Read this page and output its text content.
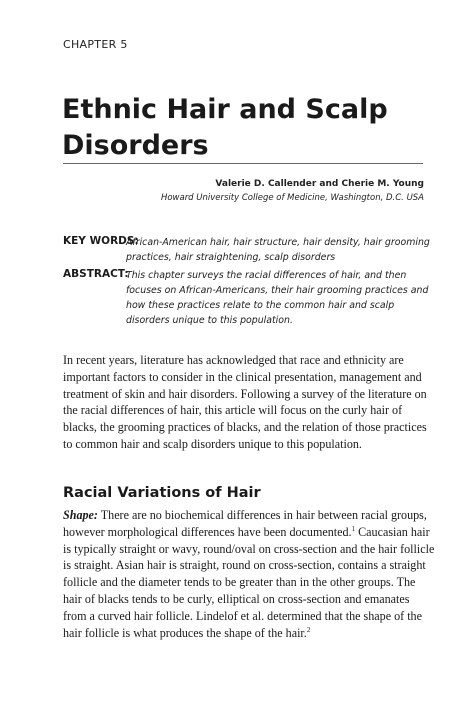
CHAPTER 5
Ethnic Hair and Scalp Disorders
Valerie D. Callender and Cherie M. Young
Howard University College of Medicine, Washington, D.C. USA
KEY WORDS:
African-American hair, hair structure, hair density, hair grooming practices, hair straightening, scalp disorders
ABSTRACT:
This chapter surveys the racial differences of hair, and then focuses on African-Americans, their hair grooming practices and how these practices relate to the common hair and scalp disorders unique to this population.

In recent years, literature has acknowledged that race and ethnicity are important factors to consider in the clinical presentation, management and treatment of skin and hair disorders. Following a survey of the literature on the racial differences of hair, this article will focus on the curly hair of blacks, the grooming practices of blacks, and the relation of those practices to common hair and scalp disorders unique to this population.

Racial Variations of Hair

Shape: There are no biochemical differences in hair between racial groups, however morphological differences have been documented.$^1$ Caucasian hair is typically straight or wavy, round/oval on cross-section and the hair follicle is straight. Asian hair is straight, round on cross-section, contains a straight follicle and the diameter tends to be greater than in the other groups. The hair of blacks tends to be curly, elliptical on cross-section and emanates from a curved hair follicle. Lindelof et al. determined that the shape of the hair follicle is what produces the shape of the hair.$^2$
